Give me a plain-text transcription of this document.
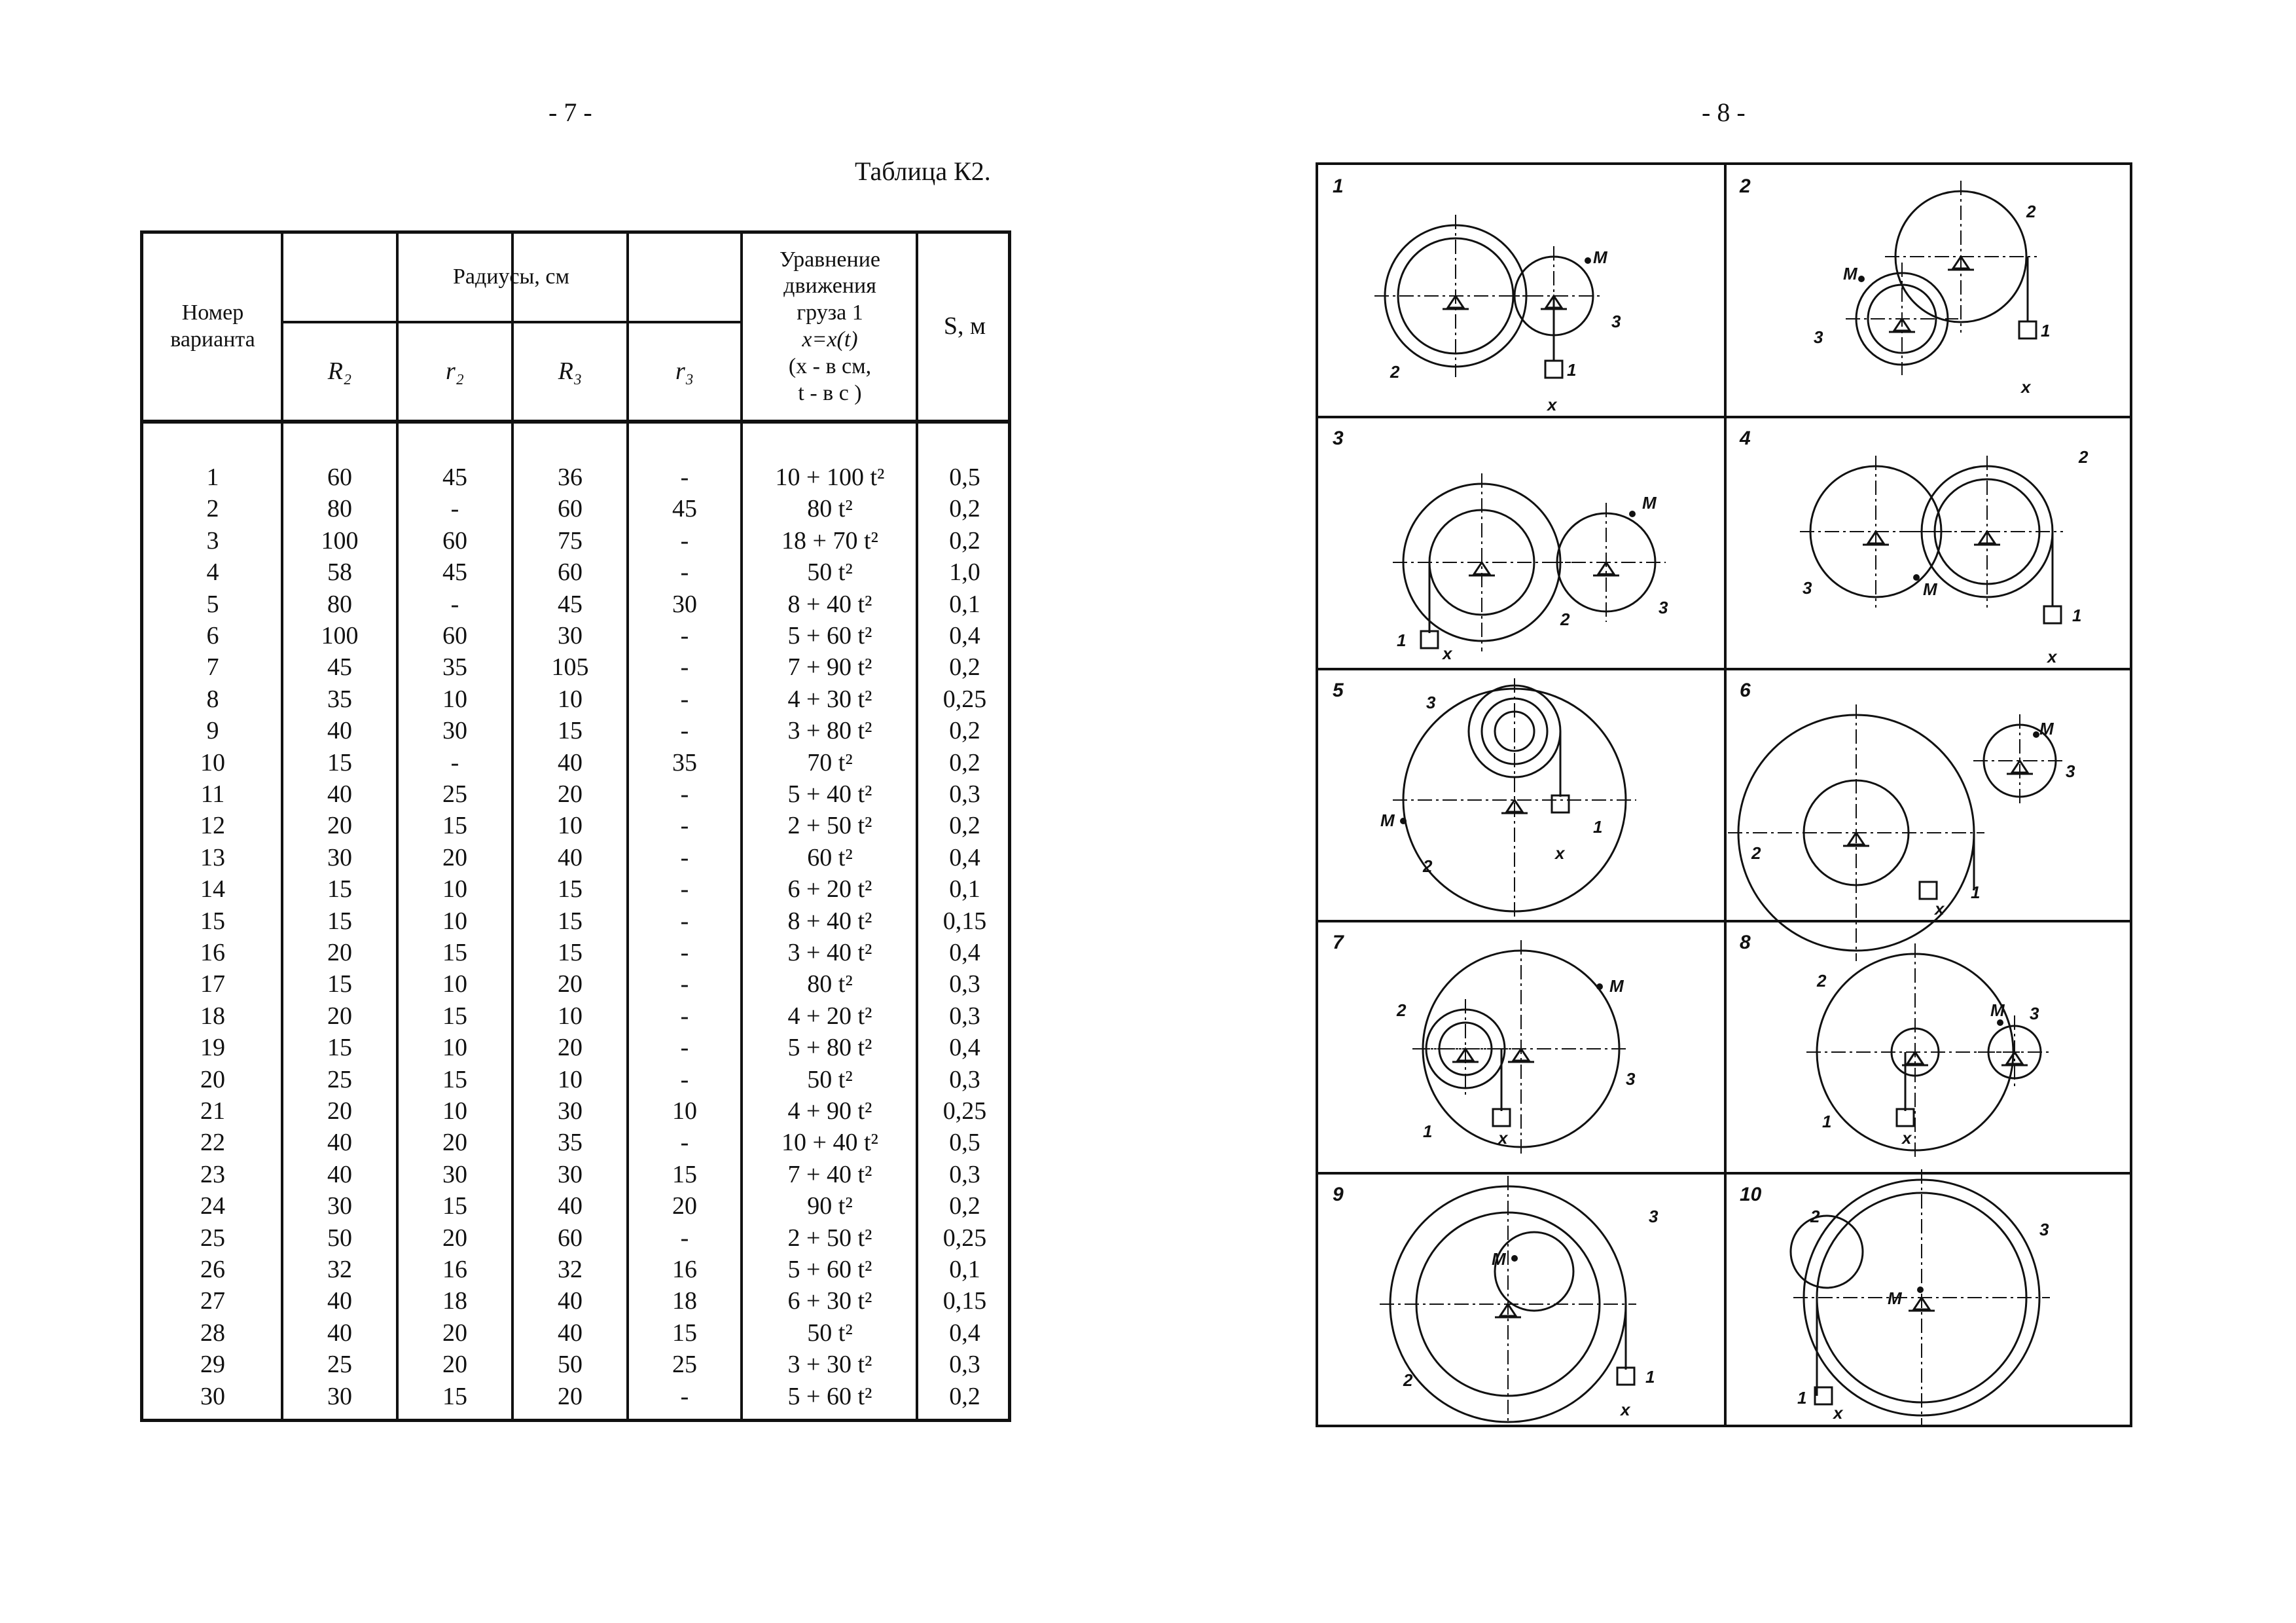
- 7 -	- 8 -
Таблица К2.
Номер варианта
Радиусы, см
R₂	r₂	R₃	r₃
Уравнение
движения
груза 1
x=x(t)
(x - в см,
t - в с )
S, м
1	60	45	36	-	10 + 100 t²	0,5
2	80	-	60	45	80 t²	0,2
3	100	60	75	-	18 + 70 t²	0,2
4	58	45	60	-	50 t²	1,0
5	80	-	45	30	8 + 40 t²	0,1
6	100	60	30	-	5 + 60 t²	0,4
7	45	35	105	-	7 + 90 t²	0,2
8	35	10	10	-	4 + 30 t²	0,25
9	40	30	15	-	3 + 80 t²	0,2
10	15	-	40	35	70 t²	0,2
11	40	25	20	-	5 + 40 t²	0,3
12	20	15	10	-	2 + 50 t²	0,2
13	30	20	40	-	60 t²	0,4
14	15	10	15	-	6 + 20 t²	0,1
15	15	10	15	-	8 + 40 t²	0,15
16	20	15	15	-	3 + 40 t²	0,4
17	15	10	20	-	80 t²	0,3
18	20	15	10	-	4 + 20 t²	0,3
19	15	10	20	-	5 + 80 t²	0,4
20	25	15	10	-	50 t²	0,3
21	20	10	30	10	4 + 90 t²	0,25
22	40	20	35	-	10 + 40 t²	0,5
23	40	30	30	15	7 + 40 t²	0,3
24	30	15	40	20	90 t²	0,2
25	50	20	60	-	2 + 50 t²	0,25
26	32	16	32	16	5 + 60 t²	0,1
27	40	18	40	18	6 + 30 t²	0,15
28	40	20	40	15	50 t²	0,4
29	25	20	50	25	3 + 30 t²	0,3
30	30	15	20	-	5 + 60 t²	0,2
1
M
1
2
3
x
2
2
M
1
3
x
3
M
1
2
3
x
4
2
3	M
1
x
5
3
M	1
2
x
6
M
3
2
1
x
7
2
M
3
1	x
8
2
M 3
1
x
9
3
M
1
2
x
10
2
3
M
1
x
